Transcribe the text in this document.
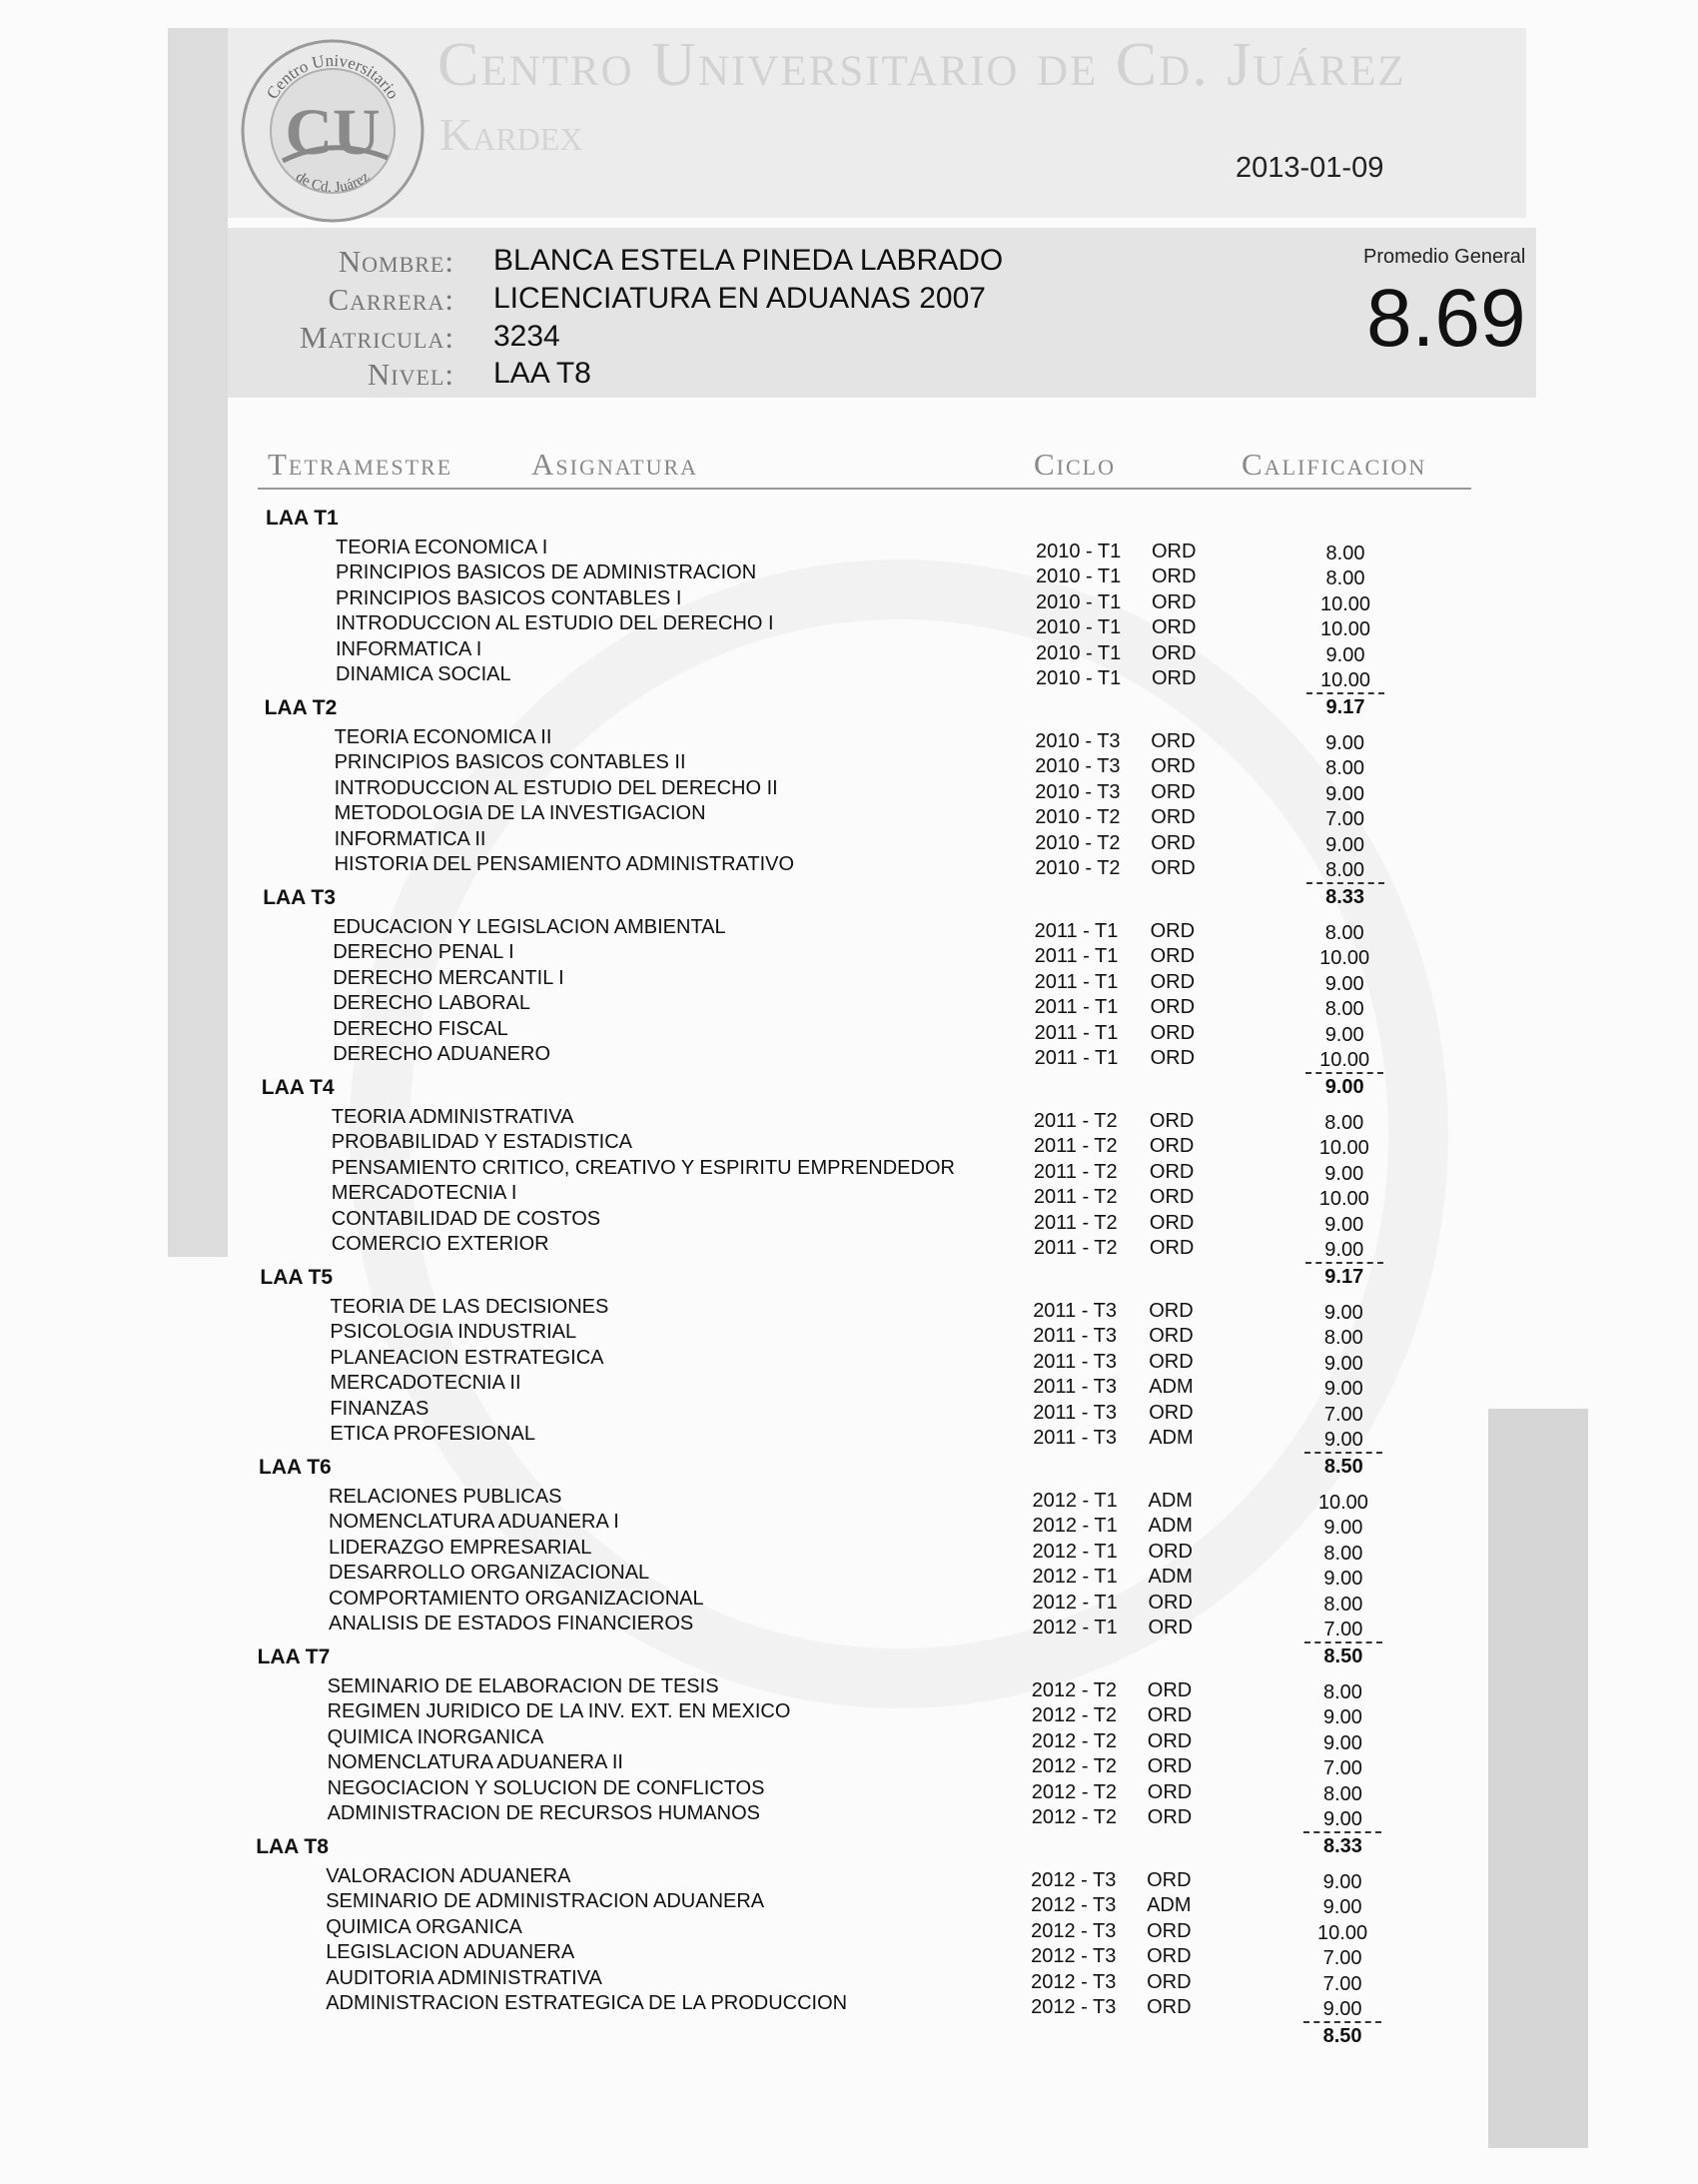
Centro Universitario
de Cd. Juárez
CU
Centro Universitario de Cd. Juárez
Kardex
2013-01-09
Nombre: BLANCA ESTELA PINEDA LABRADO
Carrera: LICENCIATURA EN ADUANAS 2007
Matricula: 3234
Nivel: LAA T8
Promedio General
8.69
Tetramestre	Asignatura	Ciclo	Calificacion
LAA T1
TEORIA ECONOMICA I	2010 - T1 ORD	8.00
PRINCIPIOS BASICOS DE ADMINISTRACION	2010 - T1 ORD	8.00
PRINCIPIOS BASICOS CONTABLES I	2010 - T1 ORD	10.00
INTRODUCCION AL ESTUDIO DEL DERECHO I	2010 - T1 ORD	10.00
INFORMATICA I	2010 - T1 ORD	9.00
DINAMICA SOCIAL	2010 - T1 ORD	10.00
9.17
LAA T2
TEORIA ECONOMICA II	2010 - T3 ORD	9.00
PRINCIPIOS BASICOS CONTABLES II	2010 - T3 ORD	8.00
INTRODUCCION AL ESTUDIO DEL DERECHO II	2010 - T3 ORD	9.00
METODOLOGIA DE LA INVESTIGACION	2010 - T2 ORD	7.00
INFORMATICA II	2010 - T2 ORD	9.00
HISTORIA DEL PENSAMIENTO ADMINISTRATIVO	2010 - T2 ORD	8.00
8.33
LAA T3
EDUCACION Y LEGISLACION AMBIENTAL	2011 - T1 ORD	8.00
DERECHO PENAL I	2011 - T1 ORD	10.00
DERECHO MERCANTIL I	2011 - T1 ORD	9.00
DERECHO LABORAL	2011 - T1 ORD	8.00
DERECHO FISCAL	2011 - T1 ORD	9.00
DERECHO ADUANERO	2011 - T1 ORD	10.00
9.00
LAA T4
TEORIA ADMINISTRATIVA	2011 - T2 ORD	8.00
PROBABILIDAD Y ESTADISTICA	2011 - T2 ORD	10.00
PENSAMIENTO CRITICO, CREATIVO Y ESPIRITU EMPRENDEDOR	2011 - T2 ORD	9.00
MERCADOTECNIA I	2011 - T2 ORD	10.00
CONTABILIDAD DE COSTOS	2011 - T2 ORD	9.00
COMERCIO EXTERIOR	2011 - T2 ORD	9.00
9.17
LAA T5
TEORIA DE LAS DECISIONES	2011 - T3 ORD	9.00
PSICOLOGIA INDUSTRIAL	2011 - T3 ORD	8.00
PLANEACION ESTRATEGICA	2011 - T3 ORD	9.00
MERCADOTECNIA II	2011 - T3 ADM	9.00
FINANZAS	2011 - T3 ORD	7.00
ETICA PROFESIONAL	2011 - T3 ADM	9.00
8.50
LAA T6
RELACIONES PUBLICAS	2012 - T1 ADM	10.00
NOMENCLATURA ADUANERA I	2012 - T1 ADM	9.00
LIDERAZGO EMPRESARIAL	2012 - T1 ORD	8.00
DESARROLLO ORGANIZACIONAL	2012 - T1 ADM	9.00
COMPORTAMIENTO ORGANIZACIONAL	2012 - T1 ORD	8.00
ANALISIS DE ESTADOS FINANCIEROS	2012 - T1 ORD	7.00
8.50
LAA T7
SEMINARIO DE ELABORACION DE TESIS	2012 - T2 ORD	8.00
REGIMEN JURIDICO DE LA INV. EXT. EN MEXICO	2012 - T2 ORD	9.00
QUIMICA INORGANICA	2012 - T2 ORD	9.00
NOMENCLATURA ADUANERA II	2012 - T2 ORD	7.00
NEGOCIACION Y SOLUCION DE CONFLICTOS	2012 - T2 ORD	8.00
ADMINISTRACION DE RECURSOS HUMANOS	2012 - T2 ORD	9.00
8.33
LAA T8
VALORACION ADUANERA	2012 - T3 ORD	9.00
SEMINARIO DE ADMINISTRACION ADUANERA	2012 - T3 ADM	9.00
QUIMICA ORGANICA	2012 - T3 ORD	10.00
LEGISLACION ADUANERA	2012 - T3 ORD	7.00
AUDITORIA ADMINISTRATIVA	2012 - T3 ORD	7.00
ADMINISTRACION ESTRATEGICA DE LA PRODUCCION	2012 - T3 ORD	9.00
8.50
